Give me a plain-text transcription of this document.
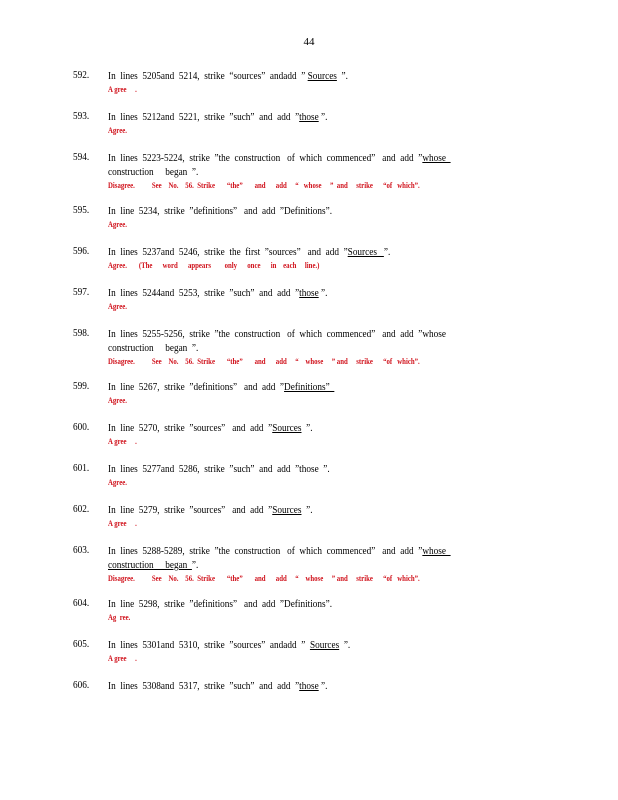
44
592. In  lines  5205and  5214,  strike  “sources”  andadd  ” Sources  ”.
A gree     .
593. In  lines  5212and  5221,  strike  ”such”  and  add  ”those ”.
Agree.
594. In  lines  5223-5224,  strike  ”the  construction   of  which  commenced”   and  add  ”whose
construction     began  ”.
Disagree.          See    No.    56.  Strike       “the”       and      add     “   whose     ”  and     strike      “of   which”.
595. In  line  5234,  strike  ”definitions”   and  add  ”Definitions”.
Agree.
596. In  lines  5237and  5246,  strike  the  first  ”sources”   and  add  ”Sources   ”.
Agree.       (The      word      appears        only      once      in    each     line.)
597. In  lines  5244and  5253,  strike  ”such”  and  add  ”those ”.
Agree.
598. In  lines  5255-5256,  strike  ”the  construction   of  which  commenced”   and  add  ”whose
construction     began  ”.
Disagree.          See    No.    56.  Strike       “the”       and      add     “    whose     ” and     strike      “of   which”.
599. In  line  5267,  strike  ”definitions”   and  add  ”Definitions”
Agree.
600. In  line  5270,  strike  ”sources”   and  add  ”Sources  ”.
A gree     .
601. In  lines  5277and  5286,  strike  ”such”  and  add  ”those  ”.
Agree.
602. In  line  5279,  strike  ”sources”   and  add  ”Sources  ”.
A gree     .
603. In  lines  5288-5289,  strike  ”the  construction   of  which  commenced”   and  add  ”whose
construction     began  ”.
Disagree.          See    No.    56.  Strike       “the”       and      add     “    whose     ” and     strike      “of   which”.
604. In  line  5298,  strike  ”definitions”   and  add  ”Definitions”.
Ag  ree.
605. In  lines  5301and  5310,  strike  ”sources”  andadd  ”  Sources  ”.
A gree     .
606. In  lines  5308and  5317,  strike  ”such”  and  add  ”those ”.
